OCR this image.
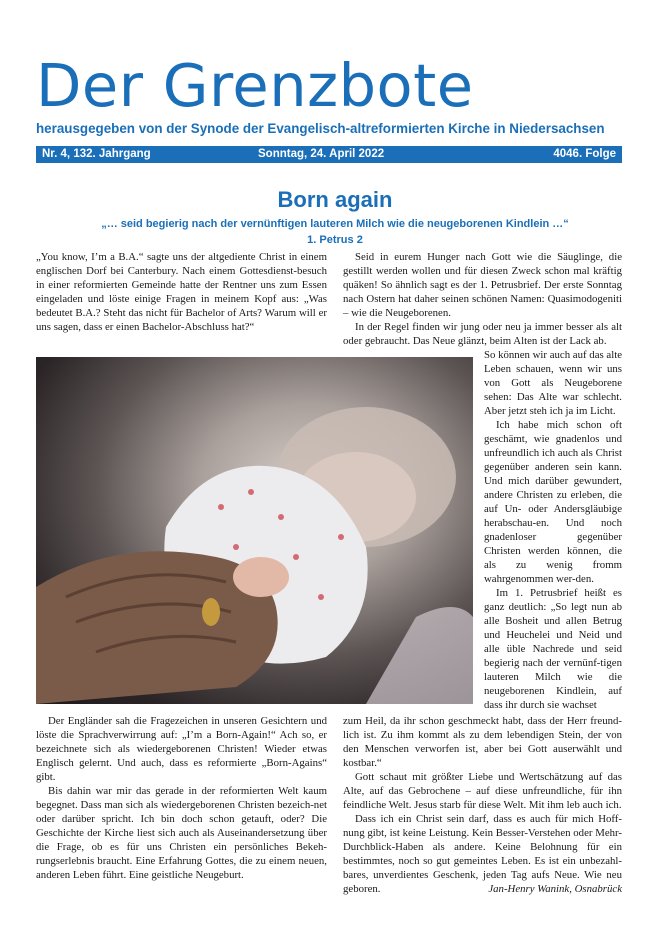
Der Grenzbote
herausgegeben von der Synode der Evangelisch-altreformierten Kirche in Niedersachsen
Nr. 4, 132. Jahrgang	Sonntag, 24. April 2022	4046. Folge
Born again
„… seid begierig nach der vernünftigen lauteren Milch wie die neugeborenen Kindlein …“
1. Petrus 2

„You know, I’m a B.A.“ sagte uns der altgediente Christ in einem englischen Dorf bei Canterbury. Nach einem Gottesdienst-besuch in einer reformierten Gemeinde hatte der Rentner uns zum Essen eingeladen und löste einige Fragen in meinem Kopf aus: „Was bedeutet B.A.? Steht das nicht für Bachelor of Arts? Warum will er uns sagen, dass er einen Bachelor-Abschluss hat?“

Seid in eurem Hunger nach Gott wie die Säuglinge, die gestillt werden wollen und für diesen Zweck schon mal kräftig quäken! So ähnlich sagt es der 1. Petrusbrief. Der erste Sonntag nach Ostern hat daher seinen schönen Namen: Quasimodogeniti – wie die Neugeborenen.

In der Regel finden wir jung oder neu ja immer besser als alt oder gebraucht. Das Neue glänzt, beim Alten ist der Lack ab.

So können wir auch auf das alte Leben schauen, wenn wir uns von Gott als Neugeborene sehen: Das Alte war schlecht. Aber jetzt steh ich ja im Licht.

Ich habe mich schon oft geschämt, wie gnadenlos und unfreundlich ich auch als Christ gegenüber anderen sein kann. Und mich darüber gewundert, andere Christen zu erleben, die auf Un- oder Andersgläubige herabschau-en. Und noch gnadenloser gegenüber Christen werden können, die als zu wenig fromm wahrgenommen wer-den.

Im 1. Petrusbrief heißt es ganz deutlich: „So legt nun ab alle Bosheit und allen Betrug und Heuchelei und Neid und alle üble Nachrede und seid begierig nach der vernünf-tigen lauteren Milch wie die neugeborenen Kindlein, auf dass ihr durch sie wachset

Der Engländer sah die Fragezeichen in unseren Gesichtern und löste die Sprachverwirrung auf: „I’m a Born-Again!“ Ach so, er bezeichnete sich als wiedergeborenen Christen! Wieder etwas Englisch gelernt. Und auch, dass es reformierte „Born-Agains“ gibt.

Bis dahin war mir das gerade in der reformierten Welt kaum begegnet. Dass man sich als wiedergeborenen Christen bezeich-net oder darüber spricht. Ich bin doch schon getauft, oder? Die Geschichte der Kirche liest sich auch als Auseinandersetzung über die Frage, ob es für uns Christen ein persönliches Bekeh-rungserlebnis braucht. Eine Erfahrung Gottes, die zu einem neuen, anderen Leben führt. Eine geistliche Neugeburt.

zum Heil, da ihr schon geschmeckt habt, dass der Herr freund-lich ist. Zu ihm kommt als zu dem lebendigen Stein, der von den Menschen verworfen ist, aber bei Gott auserwählt und kostbar.“

Gott schaut mit größter Liebe und Wertschätzung auf das Alte, auf das Gebrochene – auf diese unfreundliche, für ihn feindliche Welt. Jesus starb für diese Welt. Mit ihm leb auch ich.

Dass ich ein Christ sein darf, dass es auch für mich Hoff-nung gibt, ist keine Leistung. Kein Besser-Verstehen oder Mehr-Durchblick-Haben als andere. Keine Belohnung für ein bestimmtes, noch so gut gemeintes Leben. Es ist ein unbezahl-bares, unverdientes Geschenk, jeden Tag aufs Neue. Wie neu geboren.	Jan-Henry Wanink, Osnabrück
